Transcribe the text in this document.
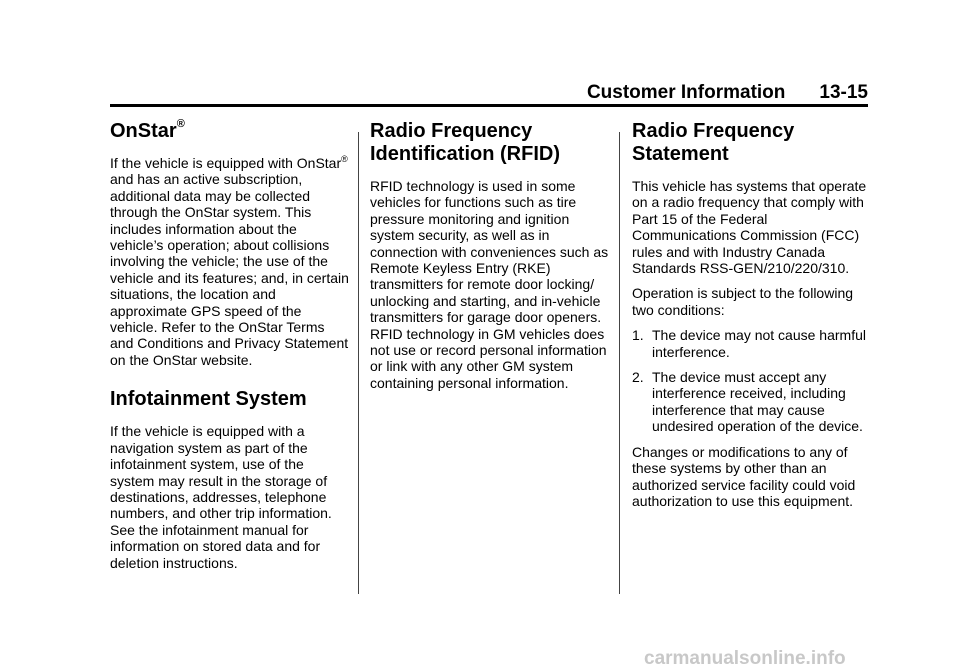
Customer Information 13-15
OnStar®

If the vehicle is equipped with OnStar® and has an active subscription, additional data may be collected through the OnStar system. This includes information about the vehicle’s operation; about collisions involving the vehicle; the use of the vehicle and its features; and, in certain situations, the location and approximate GPS speed of the vehicle. Refer to the OnStar Terms and Conditions and Privacy Statement on the OnStar website.

Infotainment System

If the vehicle is equipped with a navigation system as part of the infotainment system, use of the system may result in the storage of destinations, addresses, telephone numbers, and other trip information. See the infotainment manual for information on stored data and for deletion instructions.

Radio Frequency Identification (RFID)

RFID technology is used in some vehicles for functions such as tire pressure monitoring and ignition system security, as well as in connection with conveniences such as Remote Keyless Entry (RKE) transmitters for remote door locking/ unlocking and starting, and in-vehicle transmitters for garage door openers. RFID technology in GM vehicles does not use or record personal information or link with any other GM system containing personal information.

Radio Frequency Statement

This vehicle has systems that operate on a radio frequency that comply with Part 15 of the Federal Communications Commission (FCC) rules and with Industry Canada Standards RSS-GEN/210/220/310.

Operation is subject to the following two conditions:

1. The device may not cause harmful interference.
2. The device must accept any interference received, including interference that may cause undesired operation of the device.

Changes or modifications to any of these systems by other than an authorized service facility could void authorization to use this equipment.

carmanualsonline.info
